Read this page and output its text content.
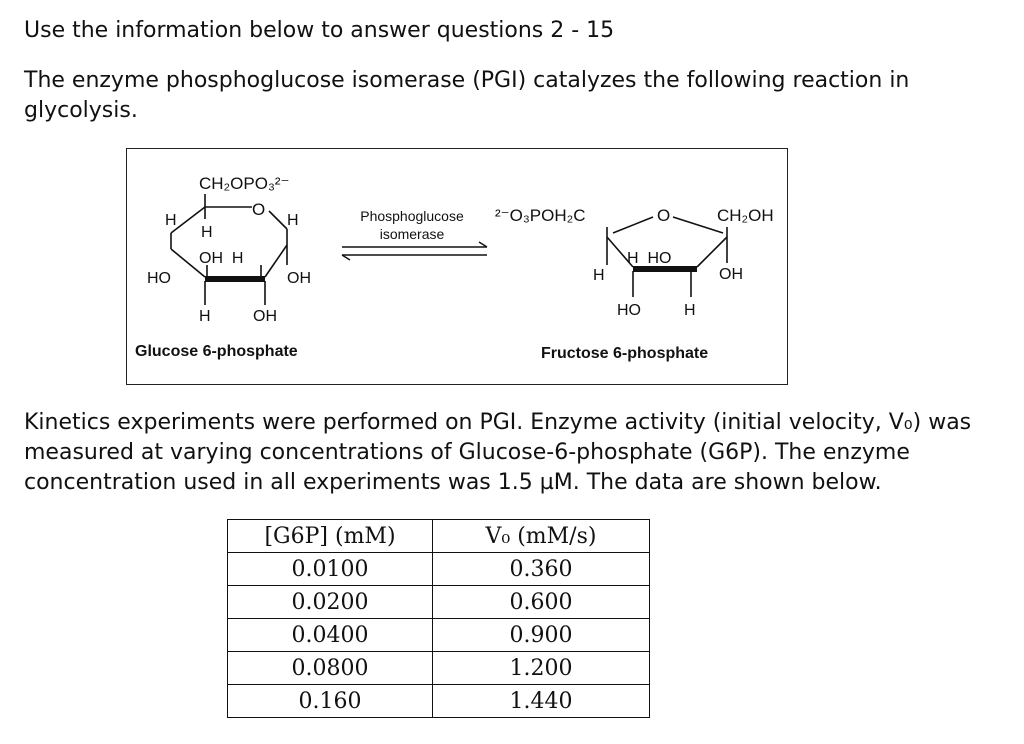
Use the information below to answer questions 2 - 15

The enzyme phosphoglucose isomerase (PGI) catalyzes the following reaction in glycolysis.

CH₂OPO₃²⁻
O
H
H
H
OH  H
HO	OH
H	OH
Glucose 6-phosphate
Phosphoglucose
isomerase
²⁻O₃POH₂C	O	CH₂OH
H  HO
H	OH
HO	H
Fructose 6-phosphate

Kinetics experiments were performed on PGI. Enzyme activity (initial velocity, V₀) was measured at varying concentrations of Glucose-6-phosphate (G6P). The enzyme concentration used in all experiments was 1.5 µM. The data are shown below.

[G6P] (mM)	V₀ (mM/s)
0.0100	0.360
0.0200	0.600
0.0400	0.900
0.0800	1.200
0.160	1.440
